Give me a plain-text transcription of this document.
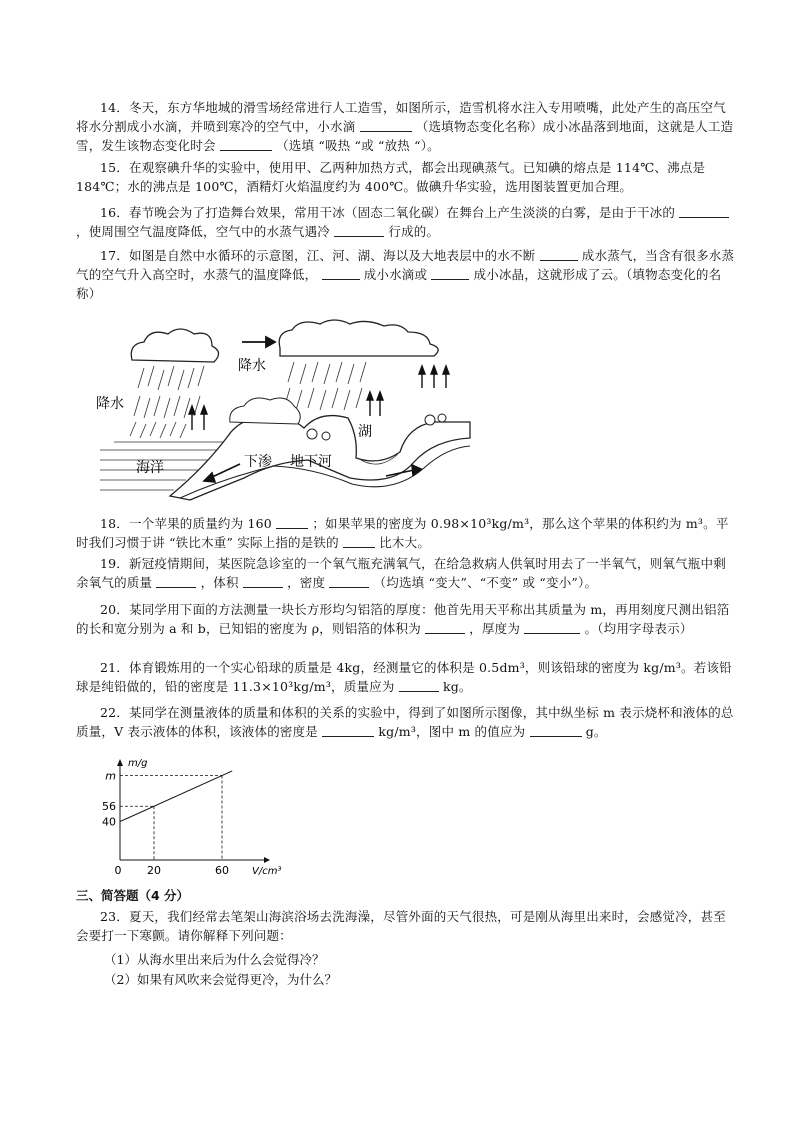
14．冬天，东方华地城的滑雪场经常进行人工造雪，如图所示，造雪机将水注入专用喷嘴，此处产生的高压空气将水分割成小水滴，并喷到寒冷的空气中，小水滴	（选填物态变化名称）成小冰晶落到地面，这就是人工造雪，发生该物态变化时会	（选填 “吸热 “或 “放热 “）。
15．在观察碘升华的实验中，使用甲、乙两种加热方式，都会出现碘蒸气。已知碘的熔点是 114℃、沸点是 184℃；水的沸点是 100℃，酒精灯火焰温度约为 400℃。做碘升华实验，选用图装置更加合理。
16．春节晚会为了打造舞台效果，常用干冰（固态二氧化碳）在舞台上产生淡淡的白雾，是由于干冰的  ，使周围空气温度降低，空气中的水蒸气遇冷	行成的。
17．如图是自然中水循环的示意图，江、河、湖、海以及大地表层中的水不断	成水蒸气，当含有很多水蒸气的空气升入高空时，水蒸气的温度降低，	成小水滴或	成小冰晶，这就形成了云。（填物态变化的名称）
降水
降水
海洋
湖
下渗 地下河
18．一个苹果的质量约为 160	；如果苹果的密度为 0.98×10³kg/m³，那么这个苹果的体积约为 m³。平时我们习惯于讲 “铁比木重” 实际上指的是铁的	比木大。
19．新冠疫情期间，某医院急诊室的一个氧气瓶充满氧气，在给急救病人供氧时用去了一半氧气，则氧气瓶中剩余氧气的质量	，体积	，密度	（均选填 “变大”、“不变” 或 “变小”）。
20．某同学用下面的方法测量一块长方形均匀铝箔的厚度：他首先用天平称出其质量为 m，再用刻度尺测出铝箔的长和宽分别为 a 和 b，已知铝的密度为 ρ，则铝箔的体积为	，厚度为	。（均用字母表示）
21．体育锻炼用的一个实心铅球的质量是 4kg，经测量它的体积是 0.5dm³，则该铅球的密度为 kg/m³。若该铅球是纯铅做的，铅的密度是 11.3×10³kg/m³，质量应为	kg。
22．某同学在测量液体的质量和体积的关系的实验中，得到了如图所示图像，其中纵坐标 m 表示烧杯和液体的总质量，V 表示液体的体积，该液体的密度是	kg/m³，图中 m 的值应为	g。
m/g
V/cm³
m
56
40
0 20	60
三、简答题（4 分）
23．夏天，我们经常去笔架山海滨浴场去洗海澡，尽管外面的天气很热，可是刚从海里出来时，会感觉冷，甚至会要打一下寒颤。请你解释下列问题：
（1）从海水里出来后为什么会觉得冷？
（2）如果有风吹来会觉得更冷，为什么？
